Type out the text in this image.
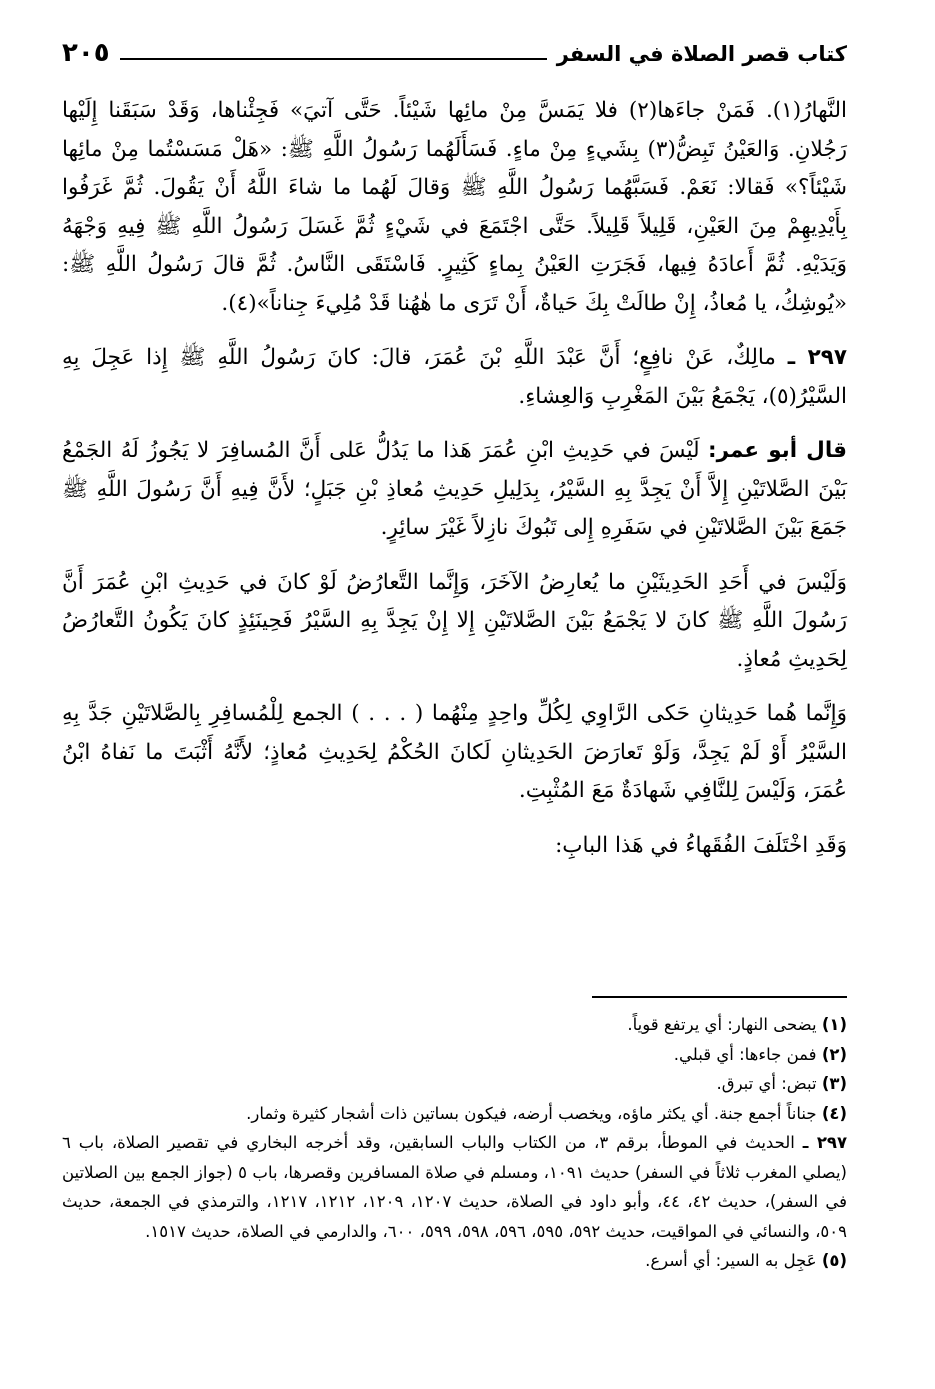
كتاب قصر الصلاة في السفر
٢٠٥

النَّهارُ(١). فَمَنْ جاءَها(٢) فلا يَمَسَّ مِنْ مائِها شَيْئاً. حَتَّى آتيَ» فَجِئْناها، وَقَدْ سَبَقَنا إِلَيْها رَجُلانِ. وَالعَيْنُ تَبِضُّ(٣) بِشَيءٍ مِنْ ماءٍ. فَسَأَلَهُما رَسُولُ اللَّهِ ﷺ: «هَلْ مَسَسْتُما مِنْ مائِها شَيْئاً؟» فَقالا: نَعَمْ. فَسَبَّهُما رَسُولُ اللَّهِ ﷺ وَقالَ لَهُما ما شاءَ اللَّهُ أَنْ يَقُولَ. ثُمَّ غَرَفُوا بِأَيْدِيهِمْ مِنَ العَيْنِ، قَلِيلاً قَلِيلاً. حَتَّى اجْتَمَعَ في شَيْءٍ ثُمَّ غَسَلَ رَسُولُ اللَّهِ ﷺ فِيهِ وَجْهَهُ وَيَدَيْهِ. ثُمَّ أَعادَهُ فِيها، فَجَرَتِ العَيْنُ بِماءٍ كَثِيرٍ. فَاسْتَقَى النَّاسُ. ثُمَّ قالَ رَسُولُ اللَّهِ ﷺ: «يُوشِكُ، يا مُعاذُ، إِنْ طالَتْ بِكَ حَياةٌ، أَنْ تَرَى ما هٰهُنا قَدْ مُلِيءَ جِناناً»(٤).

٢٩٧ ـ مالِكٌ، عَنْ نافِعٍ؛ أَنَّ عَبْدَ اللَّهِ بْنَ عُمَرَ، قالَ: كانَ رَسُولُ اللَّهِ ﷺ إِذا عَجِلَ بِهِ السَّيْرُ(٥)، يَجْمَعُ بَيْنَ المَغْرِبِ وَالعِشاءِ.

قال أبو عمر: لَيْسَ في حَدِيثِ ابْنِ عُمَرَ هَذا ما يَدُلُّ عَلى أَنَّ المُسافِرَ لا يَجُوزُ لَهُ الجَمْعُ بَيْنَ الصَّلاتَيْنِ إِلاَّ أَنْ يَجِدَّ بِهِ السَّيْرُ، بِدَلِيلِ حَدِيثِ مُعاذِ بْنِ جَبَلٍ؛ لأَنَّ فِيهِ أَنَّ رَسُولَ اللَّهِ ﷺ جَمَعَ بَيْنَ الصَّلاتَيْنِ في سَفَرِهِ إِلى تَبُوكَ نازِلاً غَيْرَ سائِرٍ.

وَلَيْسَ في أَحَدِ الحَدِيثَيْنِ ما يُعارِضُ الآخَرَ، وَإِنَّما التَّعارُضُ لَوْ كانَ في حَدِيثِ ابْنِ عُمَرَ أَنَّ رَسُولَ اللَّهِ ﷺ كانَ لا يَجْمَعُ بَيْنَ الصَّلاتَيْنِ إِلا إِنْ يَجِدَّ بِهِ السَّيْرُ فَحِينَئِذٍ كانَ يَكُونُ التَّعارُضُ لِحَدِيثِ مُعاذٍ.

وَإِنَّما هُما حَدِيثانِ حَكى الرَّاوِي لِكُلِّ واحِدٍ مِنْهُما ( . . . ) الجمع لِلْمُسافِرِ بِالصَّلاتَيْنِ جَدَّ بِهِ السَّيْرُ أَوْ لَمْ يَجِدَّ، وَلَوْ تَعارَضَ الحَدِيثانِ لَكانَ الحُكْمُ لِحَدِيثِ مُعاذٍ؛ لأَنَّهُ أَثْبَتَ ما نَفاهُ ابْنُ عُمَرَ، وَلَيْسَ لِلنَّافِي شَهادَةٌ مَعَ المُثْبِتِ.

وَقَدِ اخْتَلَفَ الفُقَهاءُ في هَذا البابِ:

(١) يضحى النهار: أي يرتفع قوياً.

(٢) فمن جاءها: أي قبلي.

(٣) تبض: أي تبرق.

(٤) جناناً أجمع جنة. أي يكثر ماؤه، ويخصب أرضه، فيكون بساتين ذات أشجار كثيرة وثمار.

٢٩٧ ـ الحديث في الموطأ، برقم ٣، من الكتاب والباب السابقين، وقد أخرجه البخاري في تقصير الصلاة، باب ٦ (يصلي المغرب ثلاثاً في السفر) حديث ١٠٩١، ومسلم في صلاة المسافرين وقصرها، باب ٥ (جواز الجمع بين الصلاتين في السفر)، حديث ٤٢، ٤٤، وأبو داود في الصلاة، حديث ١٢٠٧، ١٢٠٩، ١٢١٢، ١٢١٧، والترمذي في الجمعة، حديث ٥٠٩، والنسائي في المواقيت، حديث ٥٩٢، ٥٩٥، ٥٩٦، ٥٩٨، ٥٩٩، ٦٠٠، والدارمي في الصلاة، حديث ١٥١٧.

(٥) عَجِل به السير: أي أسرع.
